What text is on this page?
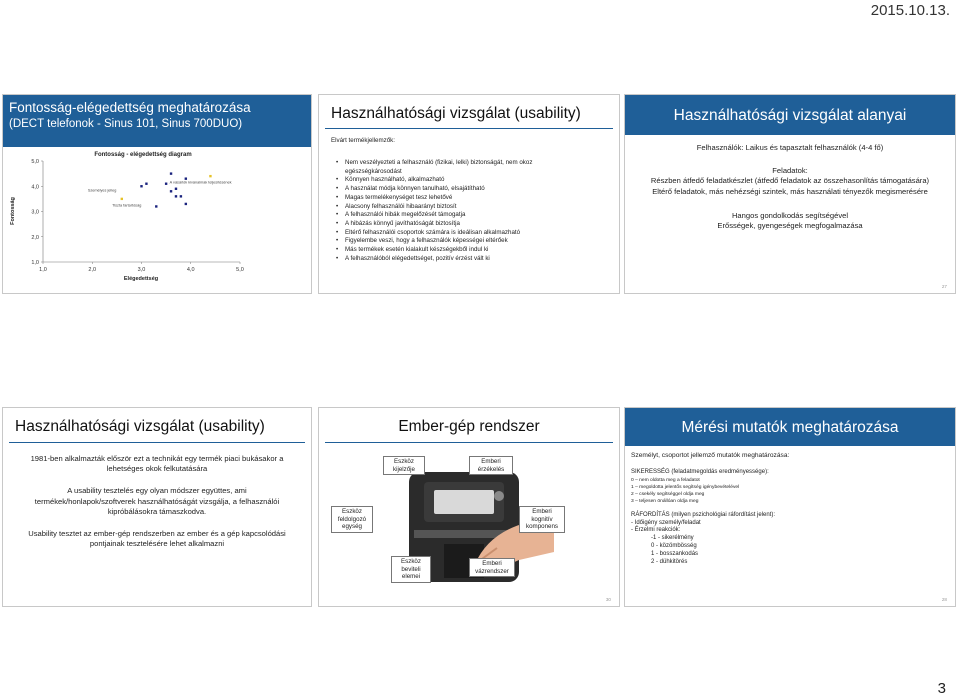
2015.10.13.
Fontosság-elégedettség meghatározása
(DECT telefonok - Sinus 101, Sinus 700DUO)
Fontosság - elégedettség diagram
1,0
2,0
3,0
4,0
5,0
1,0	2,0	3,0	4,0	5,0
Személyes jelleg
Tiszta fartartóság
A vásárlók kivánalmak teljesítésének
Fontosság
Elégedettség
Használhatósági vizsgálat (usability)
Elvárt termékjellemzők:
• Nem veszélyezteti a felhasználó (fizikai, lelki) biztonságát, nem okoz egészségkárosodást
• Könnyen használható, alkalmazható
• A használat módja könnyen tanulható, elsajátítható
• Magas termelékenységet tesz lehetővé
• Alacsony felhasználói hibaarányt biztosít
• A felhasználói hibák megelőzését támogatja
• A hibázás könnyű javíthatóságát biztosítja
• Eltérő felhasználói csoportok számára is ideálisan alkalmazható
• Figyelembe veszi, hogy a felhasználók képességei eltérőek
• Más termékek esetén kialakult készségekből indul ki
• A felhasználóból elégedettséget, pozitív érzést vált ki
Használhatósági vizsgálat alanyai
Felhasználók: Laikus és tapasztalt felhasználók (4-4 fő)
Feladatok:
Részben átfedő feladatkészlet (átfedő feladatok az összehasonlítás támogatására)
Eltérő feladatok, más nehézségi szintek, más használati tényezők megismerésére
Hangos gondolkodás segítségével
Erősségek, gyengeségek megfogalmazása
27
Használhatósági vizsgálat (usability)
1981-ben alkalmazták először ezt a technikát egy termék piaci bukásakor a lehetséges okok felkutatására
A usability tesztelés egy olyan módszer együttes, ami termékek/honlapok/szoftverek használhatóságát vizsgálja, a felhasználói kipróbálásokra támaszkodva.
Usability tesztet az ember-gép rendszerben az ember és a gép kapcsolódási pontjainak tesztelésére lehet alkalmazni
Ember-gép rendszer
Eszköz kijelzője
Emberi érzékelés
Eszköz feldolgozó egység
Emberi kognitív komponens
Eszköz beviteli elemei
Emberi vázrendszer
30
Mérési mutatók meghatározása
Személyt, csoportot jellemző mutatók meghatározása:
SIKERESSÉG (feladatmegoldás eredményessége):
0 – nem oldotta meg a feladatot
1 – megoldotta jelentős segítség igénybevételével
2 – csekély segítséggel oldja meg
3 – teljesen önállóan oldja meg
RÁFORDÍTÁS (milyen pszichológiai ráfordítást jelent):
- Időigény személy/feladat
- Érzelmi reakciók:
-1 - sikerélmény
0 - közömbösség
1 - bosszankodás
2 - dühkitörés
28
3
